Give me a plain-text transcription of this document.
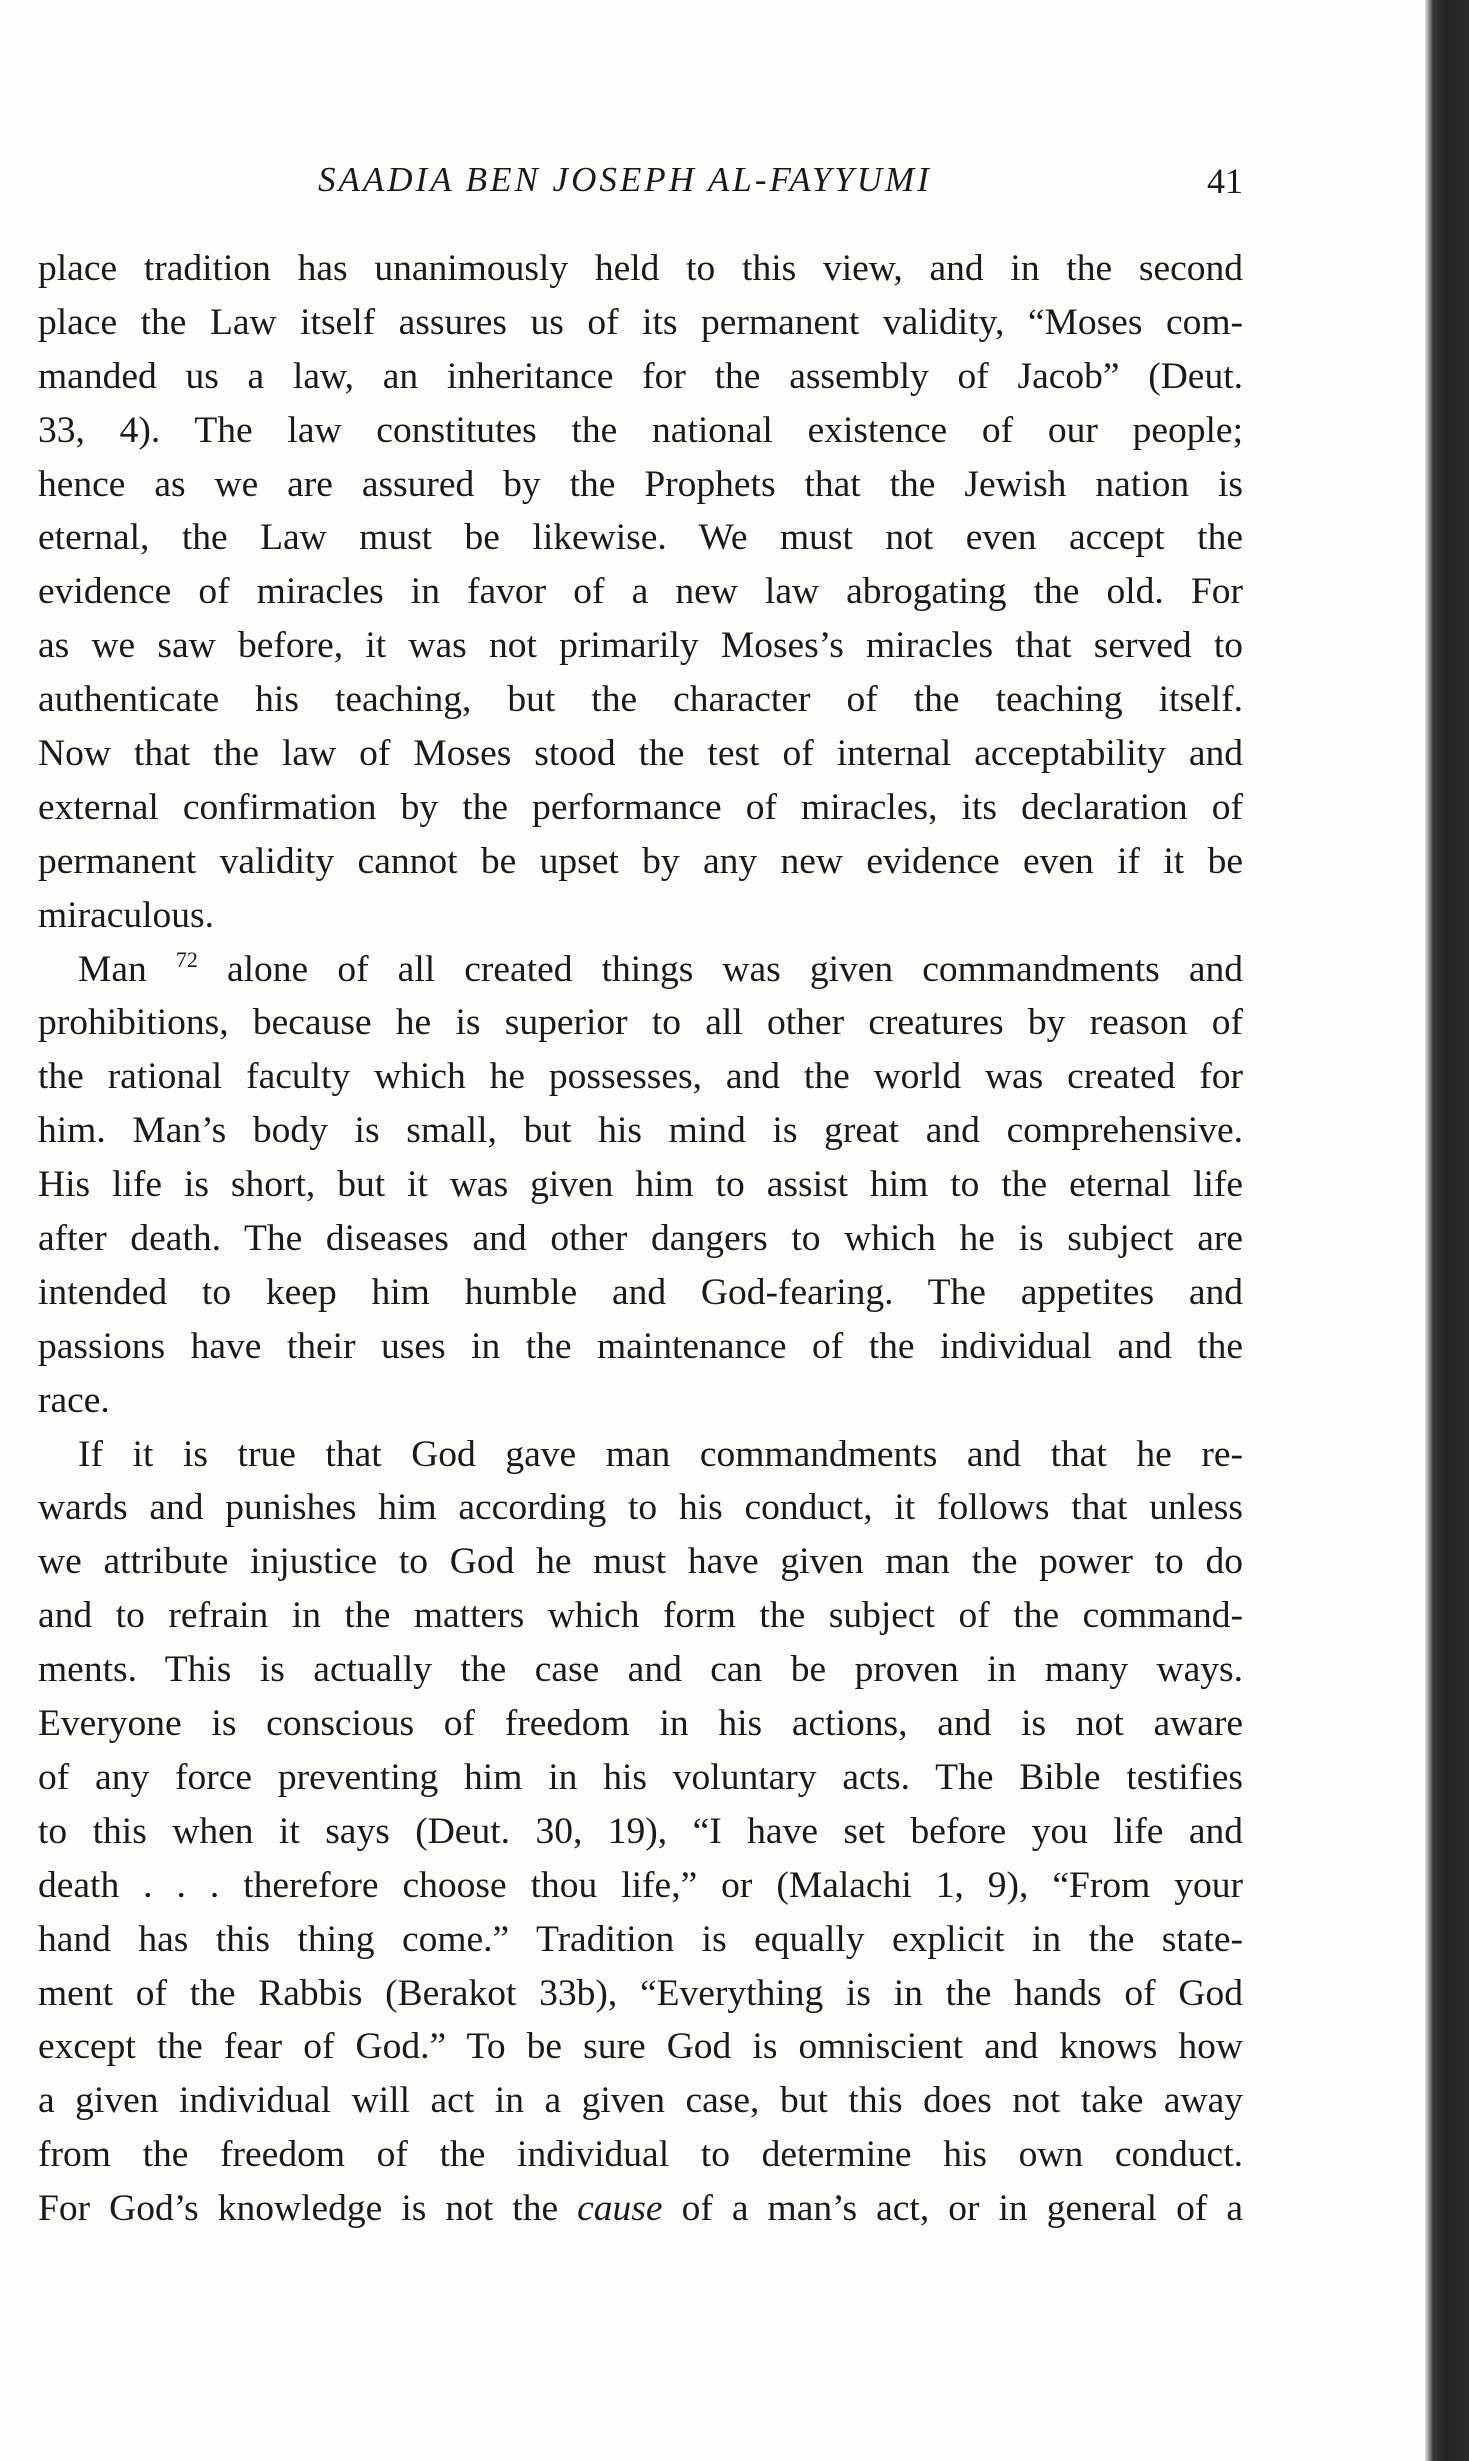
SAADIA BEN JOSEPH AL-FAYYUMI	41
place tradition has unanimously held to this view, and in the second
place the Law itself assures us of its permanent validity, “Moses com-
manded us a law, an inheritance for the assembly of Jacob” (Deut.
33, 4). The law constitutes the national existence of our people;
hence as we are assured by the Prophets that the Jewish nation is
eternal, the Law must be likewise. We must not even accept the
evidence of miracles in favor of a new law abrogating the old. For
as we saw before, it was not primarily Moses’s miracles that served to
authenticate his teaching, but the character of the teaching itself.
Now that the law of Moses stood the test of internal acceptability and
external confirmation by the performance of miracles, its declaration of
permanent validity cannot be upset by any new evidence even if it be
miraculous.
Man $^{72}$ alone of all created things was given commandments and
prohibitions, because he is superior to all other creatures by reason of
the rational faculty which he possesses, and the world was created for
him. Man’s body is small, but his mind is great and comprehensive.
His life is short, but it was given him to assist him to the eternal life
after death. The diseases and other dangers to which he is subject are
intended to keep him humble and God-fearing. The appetites and
passions have their uses in the maintenance of the individual and the
race.
If it is true that God gave man commandments and that he re-
wards and punishes him according to his conduct, it follows that unless
we attribute injustice to God he must have given man the power to do
and to refrain in the matters which form the subject of the command-
ments. This is actually the case and can be proven in many ways.
Everyone is conscious of freedom in his actions, and is not aware
of any force preventing him in his voluntary acts. The Bible testifies
to this when it says (Deut. 30, 19), “I have set before you life and
death . . . therefore choose thou life,” or (Malachi 1, 9), “From your
hand has this thing come.” Tradition is equally explicit in the state-
ment of the Rabbis (Berakot 33b), “Everything is in the hands of God
except the fear of God.” To be sure God is omniscient and knows how
a given individual will act in a given case, but this does not take away
from the freedom of the individual to determine his own conduct.
For God’s knowledge is not the cause of a man’s act, or in general of a
